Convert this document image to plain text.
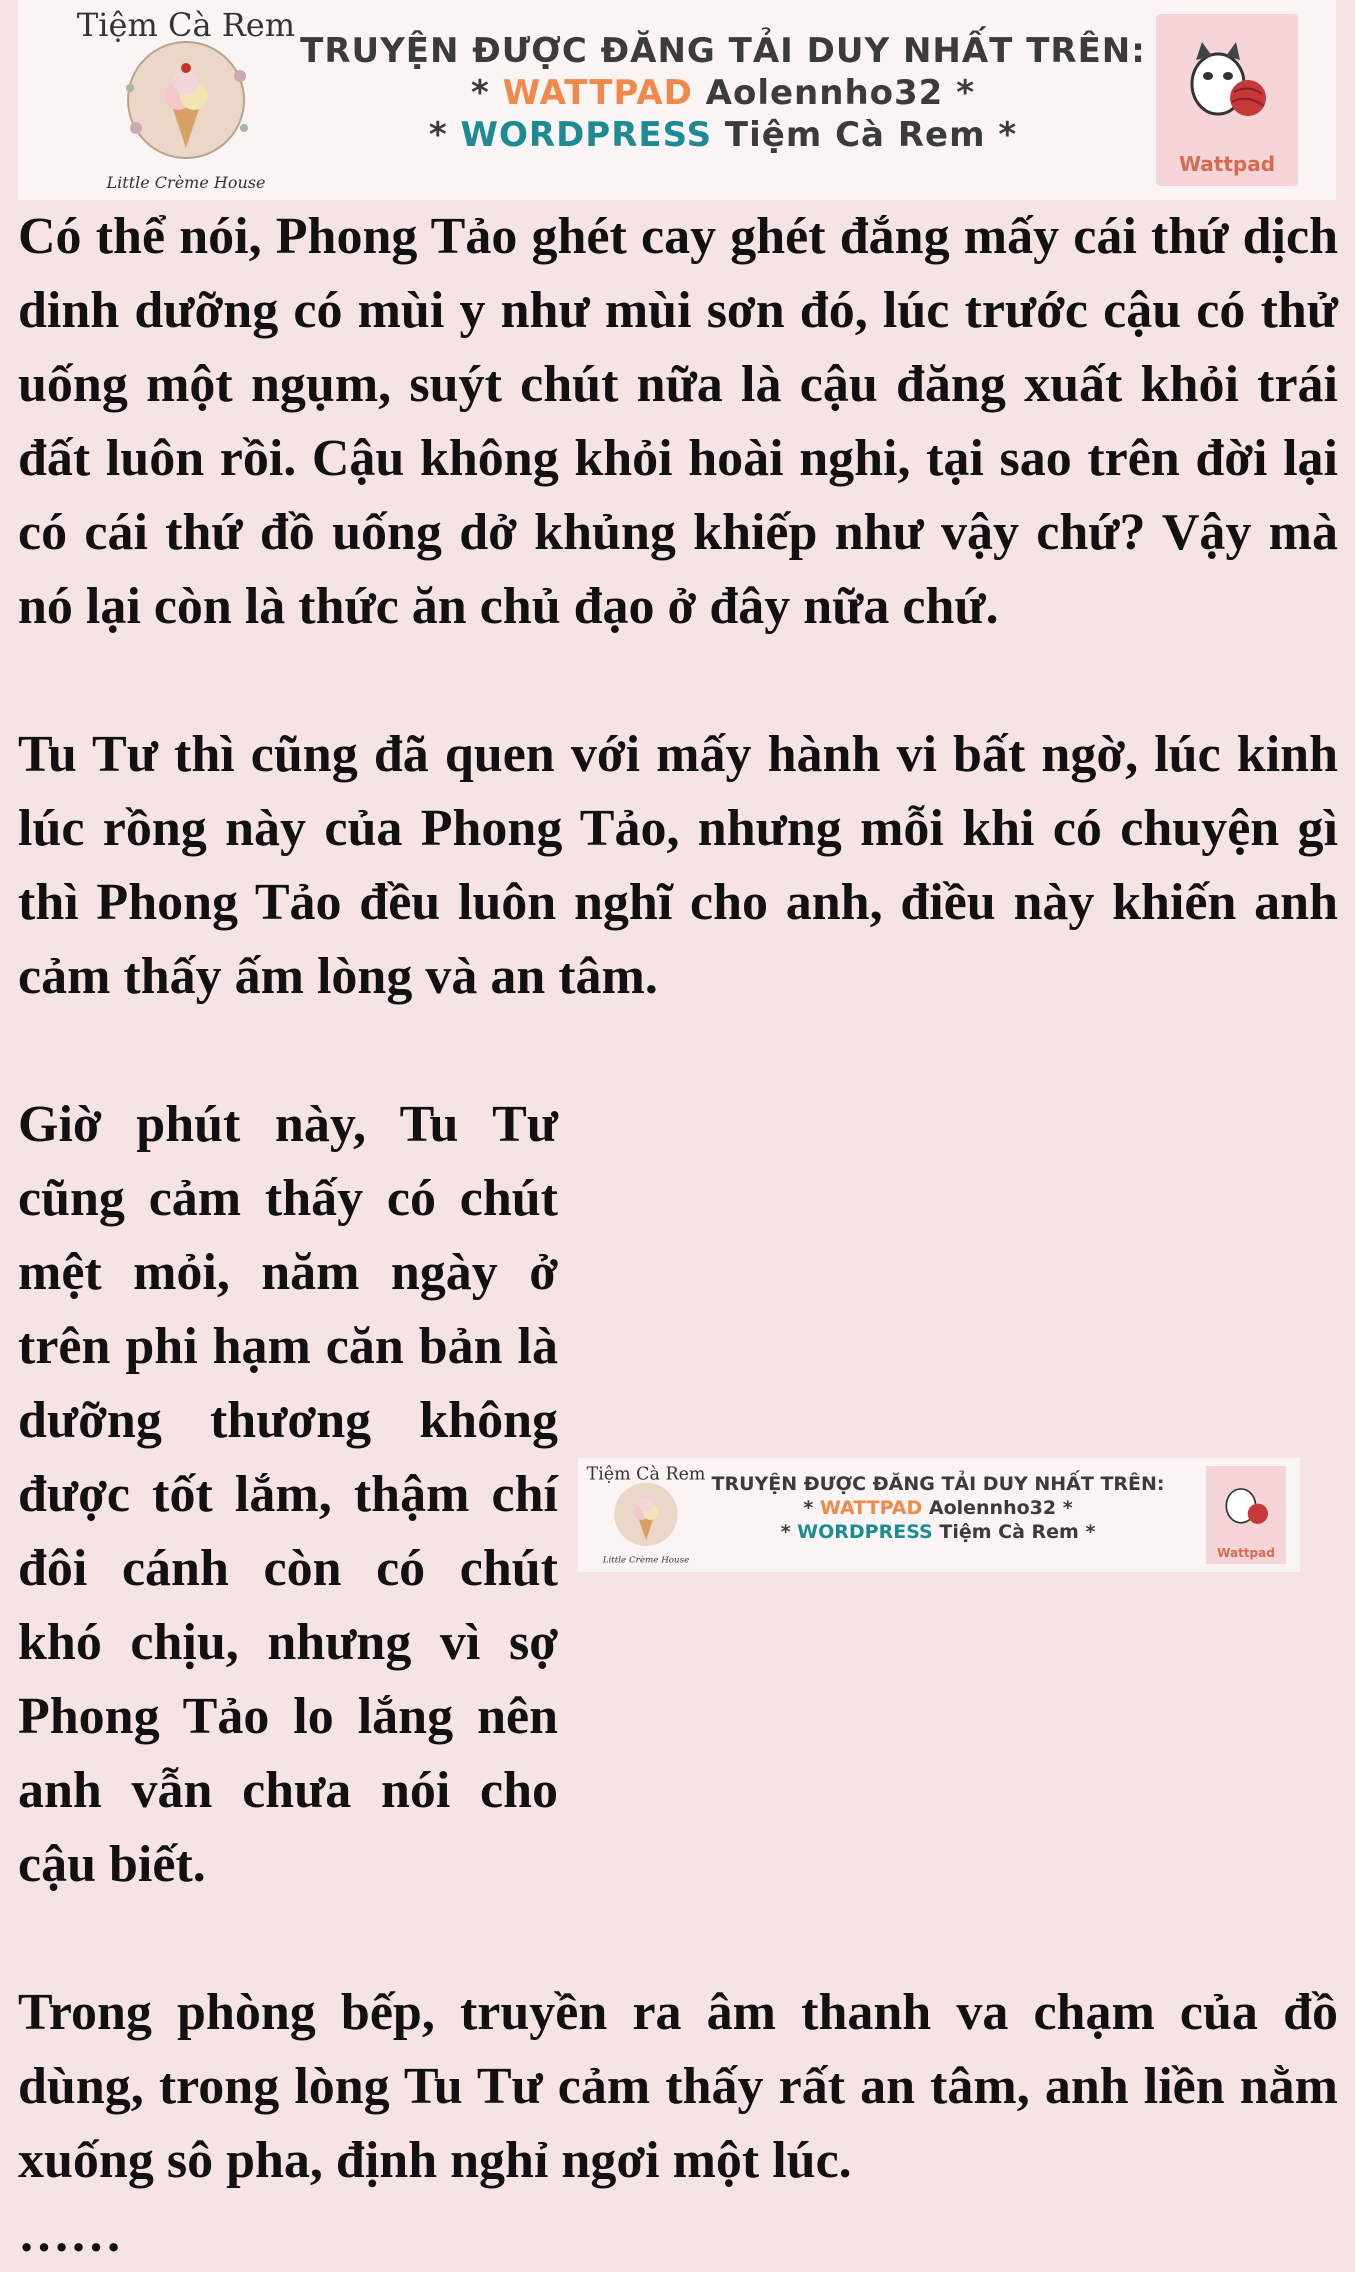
Tiệm Cà Rem
Little Crème House
TRUYỆN ĐƯỢC ĐĂNG TẢI DUY NHẤT TRÊN:
* WATTPAD Aolennho32 *
* WORDPRESS Tiệm Cà Rem *
Wattpad

Có thể nói, Phong Tảo ghét cay ghét đắng mấy cái thứ dịch dinh dưỡng có mùi y như mùi sơn đó, lúc trước cậu có thử uống một ngụm, suýt chút nữa là cậu đăng xuất khỏi trái đất luôn rồi. Cậu không khỏi hoài nghi, tại sao trên đời lại có cái thứ đồ uống dở khủng khiếp như vậy chứ? Vậy mà nó lại còn là thức ăn chủ đạo ở đây nữa chứ.

Tu Tư thì cũng đã quen với mấy hành vi bất ngờ, lúc kinh lúc rồng này của Phong Tảo, nhưng mỗi khi có chuyện gì thì Phong Tảo đều luôn nghĩ cho anh, điều này khiến anh cảm thấy ấm lòng và an tâm.

Giờ phút này, Tu Tư cũng cảm thấy có chút mệt mỏi, năm ngày ở trên phi hạm căn bản là dưỡng thương không được tốt lắm, thậm chí đôi cánh còn có chút khó chịu, nhưng vì sợ Phong Tảo lo lắng nên anh vẫn chưa nói cho cậu biết.

Trong phòng bếp, truyền ra âm thanh va chạm của đồ dùng, trong lòng Tu Tư cảm thấy rất an tâm, anh liền nằm xuống sô pha, định nghỉ ngơi một lúc.

……

Tiệm Cà Rem
Little Crème House
TRUYỆN ĐƯỢC ĐĂNG TẢI DUY NHẤT TRÊN:
* WATTPAD Aolennho32 *
* WORDPRESS Tiệm Cà Rem *
Wattpad
